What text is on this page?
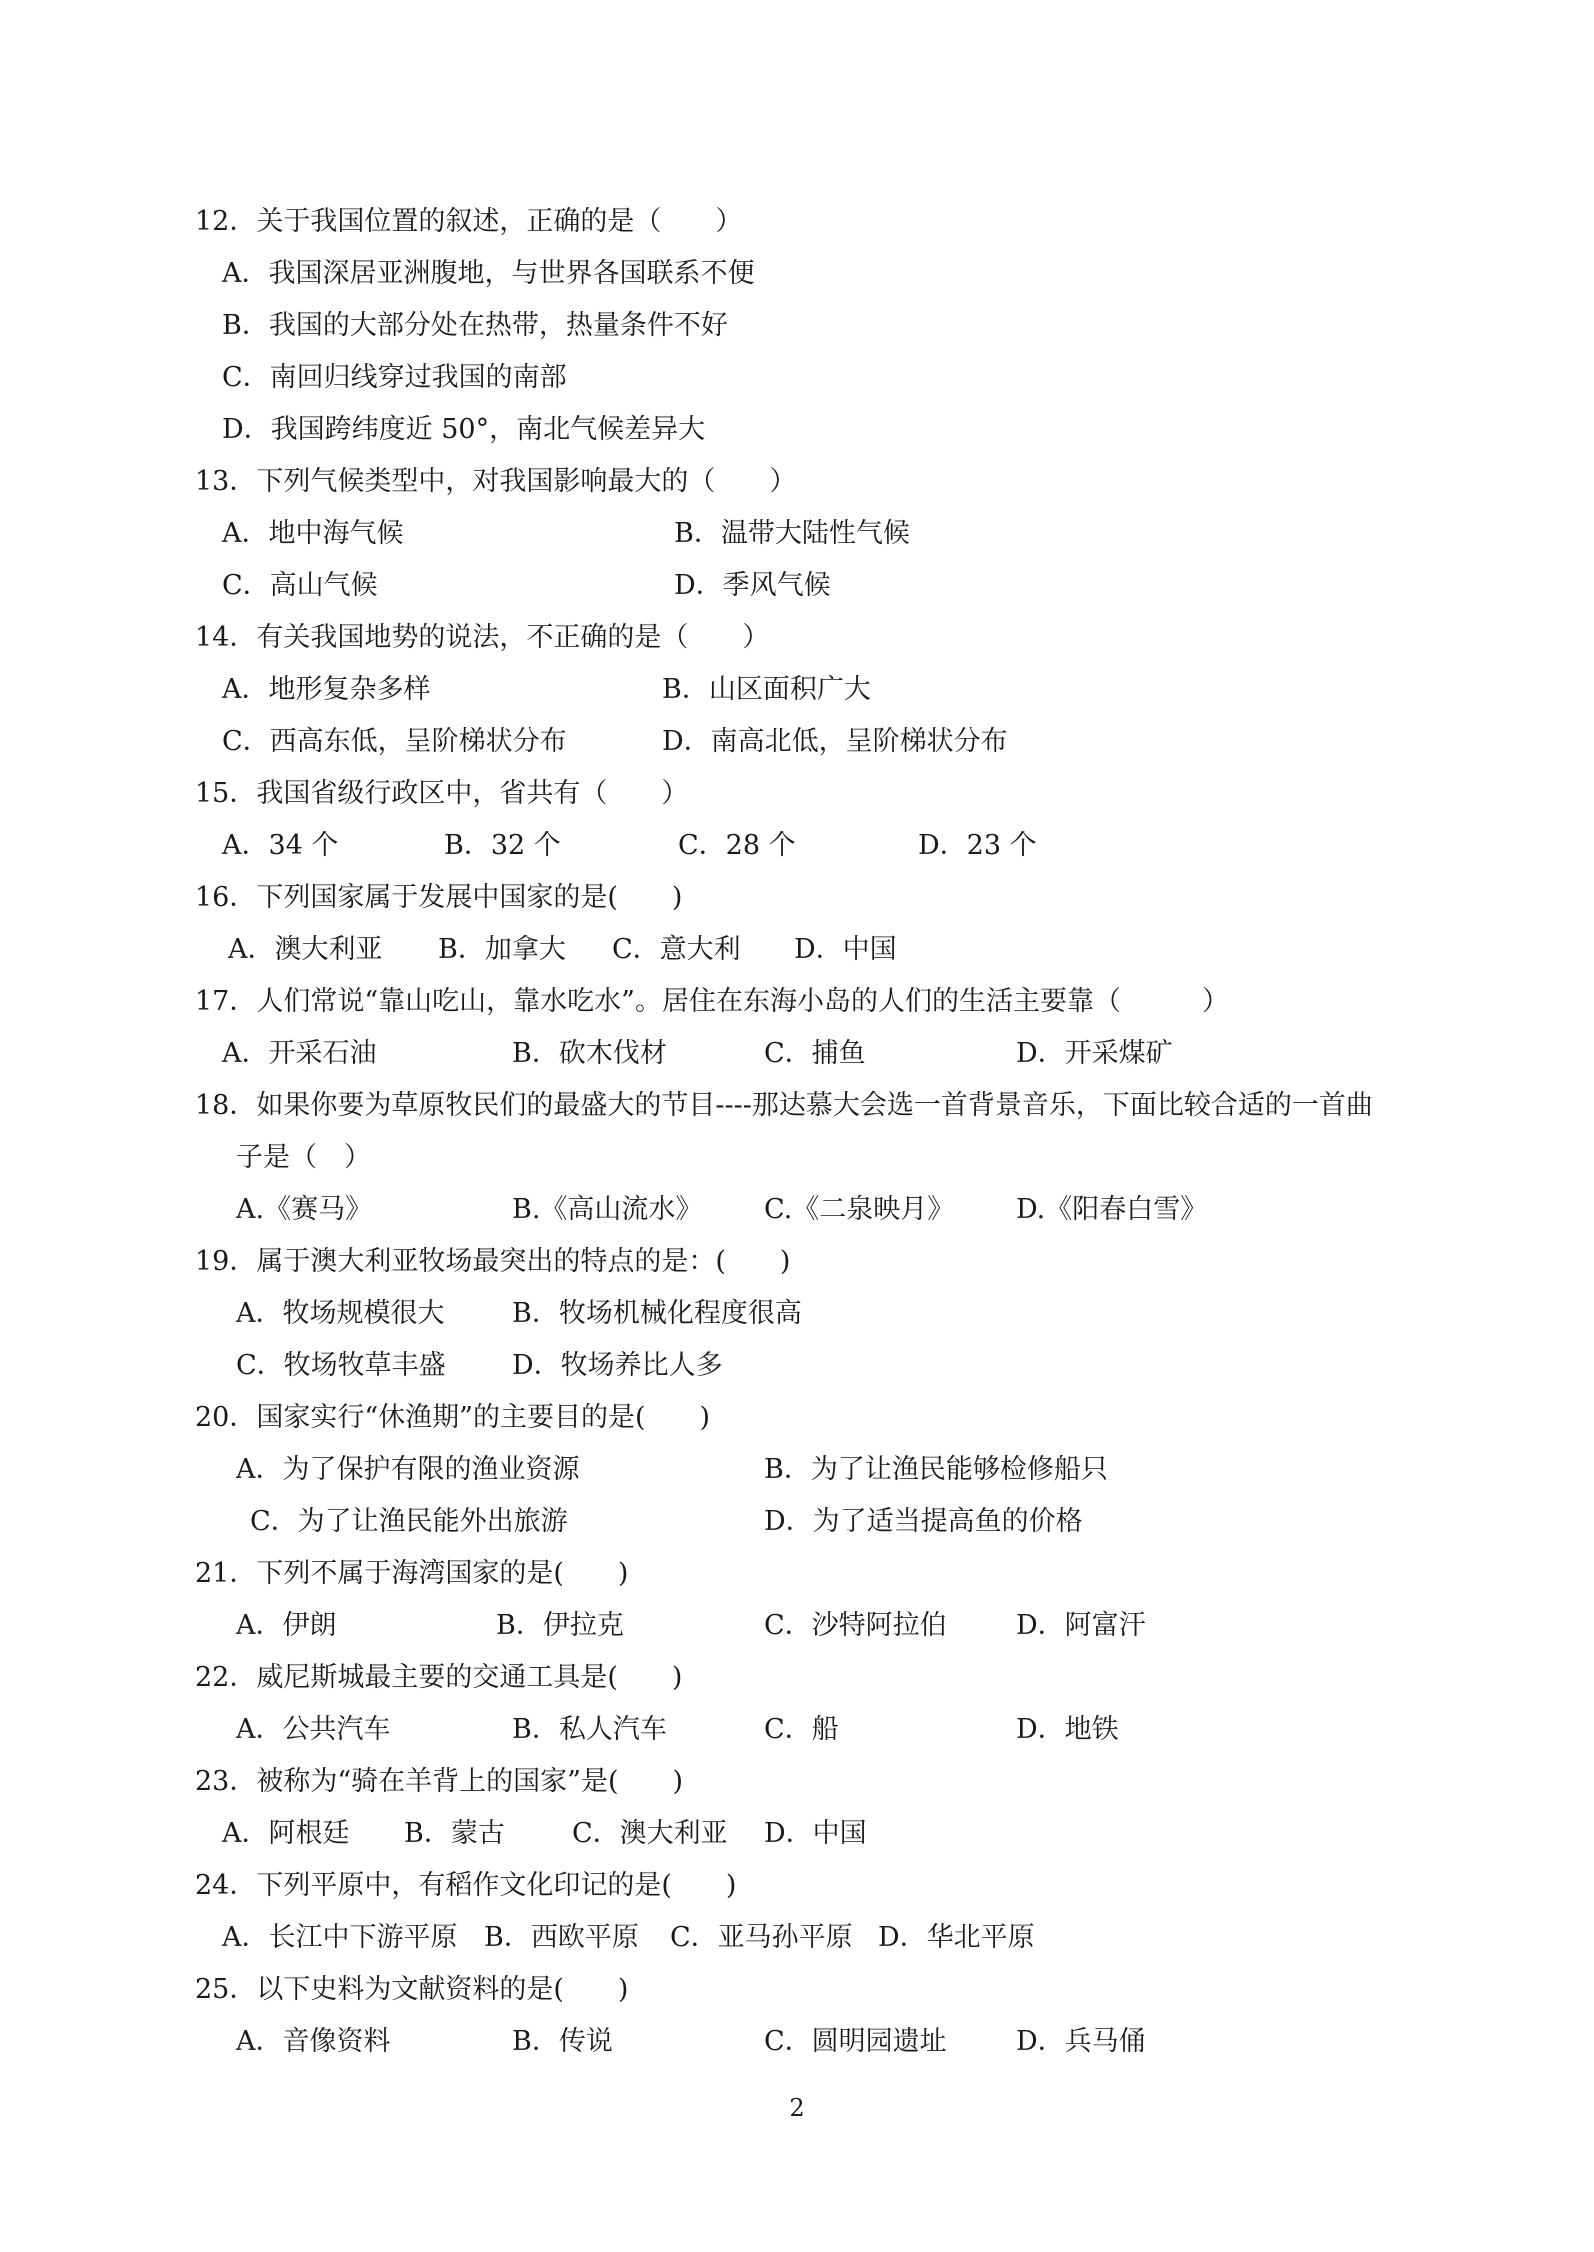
12．关于我国位置的叙述，正确的是（　　）
A．我国深居亚洲腹地，与世界各国联系不便
B．我国的大部分处在热带，热量条件不好
C．南回归线穿过我国的南部
D．我国跨纬度近 50°，南北气候差异大
13．下列气候类型中，对我国影响最大的（　　）
A．地中海气候	B．温带大陆性气候
C．高山气候	D．季风气候
14．有关我国地势的说法，不正确的是（　　）
A．地形复杂多样	B．山区面积广大
C．西高东低，呈阶梯状分布	D．南高北低，呈阶梯状分布
15．我国省级行政区中，省共有（　　）
A．34 个	B．32 个	C．28 个	D．23 个
16．下列国家属于发展中国家的是(　　)
A．澳大利亚 B．加拿大 C．意大利 D．中国
17．人们常说“靠山吃山，靠水吃水”。居住在东海小岛的人们的生活主要靠（　　　）
A．开采石油	B．砍木伐材	C．捕鱼	D．开采煤矿
18．如果你要为草原牧民们的最盛大的节目----那达慕大会选一首背景音乐，下面比较合适的一首曲
子是（　）
A.《赛马》	B.《高山流水》 C.《二泉映月》 D.《阳春白雪》
19．属于澳大利亚牧场最突出的特点的是：(　　)
A．牧场规模很大	B．牧场机械化程度很高
C．牧场牧草丰盛 D．牧场养比人多
20．国家实行“休渔期”的主要目的是(　　)
A．为了保护有限的渔业资源	B．为了让渔民能够检修船只
C．为了让渔民能外出旅游	D．为了适当提高鱼的价格
21．下列不属于海湾国家的是(　　)
A．伊朗	B．伊拉克	C．沙特阿拉伯	D．阿富汗
22．威尼斯城最主要的交通工具是(　　)
A．公共汽车	B．私人汽车	C．船	D．地铁
23．被称为“骑在羊背上的国家”是(　　)
A．阿根廷 B．蒙古 C．澳大利亚 D．中国
24．下列平原中，有稻作文化印记的是(　　)
A．长江中下游平原 B．西欧平原 C．亚马孙平原 D．华北平原
25．以下史料为文献资料的是(　　)
A．音像资料	B．传说	C．圆明园遗址	D．兵马俑
2
